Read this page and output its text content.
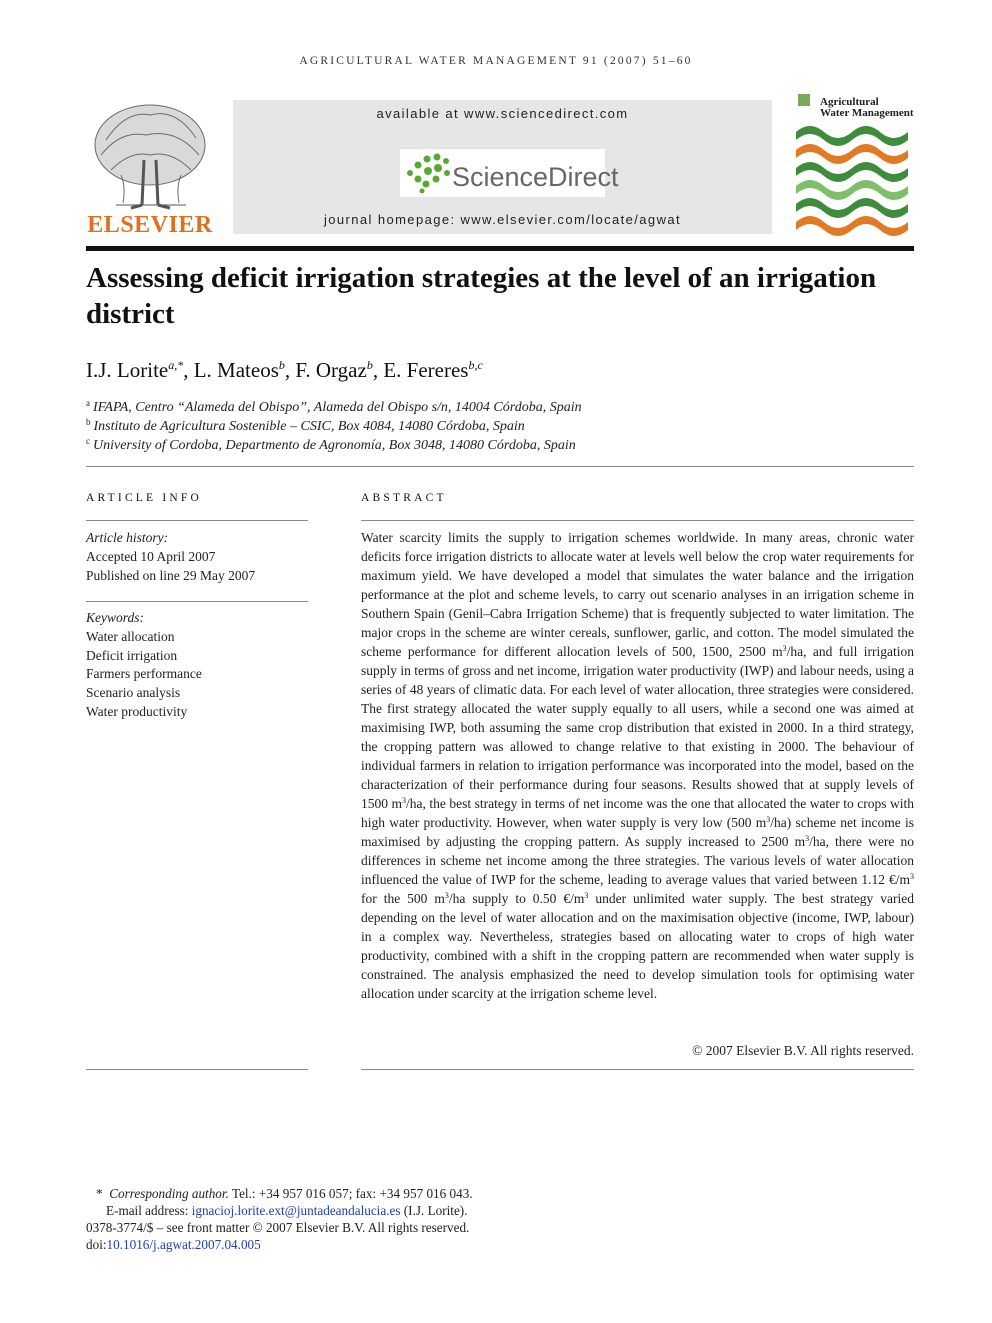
AGRICULTURAL WATER MANAGEMENT 91 (2007) 51–60
ELSEVIER
available at www.sciencedirect.com
ScienceDirect
journal homepage: www.elsevier.com/locate/agwat
Agricultural
Water Management
Assessing deficit irrigation strategies at the level of an irrigation district
I.J. Lorite$^{a,*}$, L. Mateos$^b$, F. Orgaz$^b$, E. Fereres$^{b,c}$
$^a$ IFAPA, Centro “Alameda del Obispo”, Alameda del Obispo s/n, 14004 Córdoba, Spain
$^b$ Instituto de Agricultura Sostenible – CSIC, Box 4084, 14080 Córdoba, Spain
$^c$ University of Cordoba, Departmento de Agronomía, Box 3048, 14080 Córdoba, Spain
ARTICLE INFO
Article history:
Accepted 10 April 2007
Published on line 29 May 2007
Keywords:
Water allocation
Deficit irrigation
Farmers performance
Scenario analysis
Water productivity
ABSTRACT
Water scarcity limits the supply to irrigation schemes worldwide. In many areas, chronic water deficits force irrigation districts to allocate water at levels well below the crop water requirements for maximum yield. We have developed a model that simulates the water balance and the irrigation performance at the plot and scheme levels, to carry out scenario analyses in an irrigation scheme in Southern Spain (Genil–Cabra Irrigation Scheme) that is frequently subjected to water limitation. The major crops in the scheme are winter cereals, sunflower, garlic, and cotton. The model simulated the scheme performance for different allocation levels of 500, 1500, 2500 $m^3/ha$, and full irrigation supply in terms of gross and net income, irrigation water productivity (IWP) and labour needs, using a series of 48 years of climatic data. For each level of water allocation, three strategies were considered. The first strategy allocated the water supply equally to all users, while a second one was aimed at maximising IWP, both assuming the same crop distribution that existed in 2000. In a third strategy, the cropping pattern was allowed to change relative to that existing in 2000. The behaviour of individual farmers in relation to irrigation performance was incorporated into the model, based on the characterization of their performance during four seasons. Results showed that at supply levels of 1500 $m^3/ha$, the best strategy in terms of net income was the one that allocated the water to crops with high water productivity. However, when water supply is very low (500 $m^3/ha$) scheme net income is maximised by adjusting the cropping pattern. As supply increased to 2500 $m^3/ha$, there were no differences in scheme net income among the three strategies. The various levels of water allocation influenced the value of IWP for the scheme, leading to average values that varied between 1.12 $€/m^3$ for the 500 $m^3/ha$ supply to 0.50 $€/m^3$ under unlimited water supply. The best strategy varied depending on the level of water allocation and on the maximisation objective (income, IWP, labour) in a complex way. Nevertheless, strategies based on allocating water to crops of high water productivity, combined with a shift in the cropping pattern are recommended when water supply is constrained. The analysis emphasized the need to develop simulation tools for optimising water allocation under scarcity at the irrigation scheme level.
© 2007 Elsevier B.V. All rights reserved.
* Corresponding author. Tel.: +34 957 016 057; fax: +34 957 016 043.
E-mail address: ignacioj.lorite.ext@juntadeandalucia.es (I.J. Lorite).
0378-3774/$ – see front matter © 2007 Elsevier B.V. All rights reserved.
doi:10.1016/j.agwat.2007.04.005
